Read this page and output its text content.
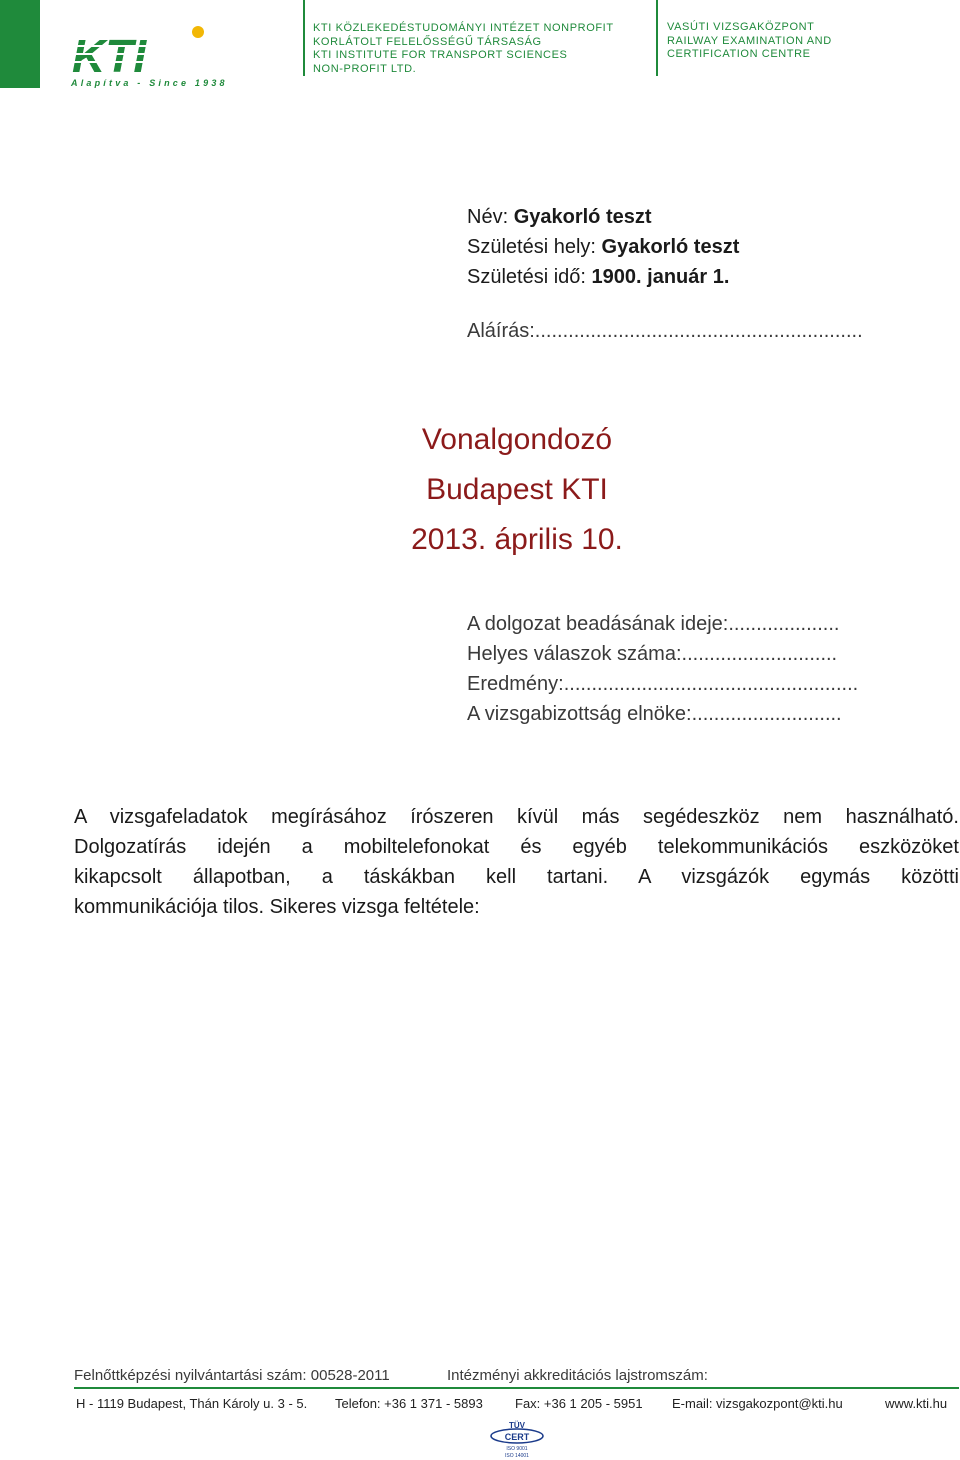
KTI
Alapítva - Since 1938
KTI KÖZLEKEDÉSTUDOMÁNYI INTÉZET NONPROFIT
KORLÁTOLT FELELŐSSÉGŰ TÁRSASÁG
KTI INSTITUTE FOR TRANSPORT SCIENCES
NON-PROFIT LTD.
VASÚTI VIZSGAKÖZPONT
RAILWAY EXAMINATION AND
CERTIFICATION CENTRE
Név: Gyakorló teszt
Születési hely: Gyakorló teszt
Születési idő: 1900. január 1.
Aláírás:...........................................................
Vonalgondozó
Budapest KTI
2013. április 10.
A dolgozat beadásának ideje:....................
Helyes válaszok száma:............................
Eredmény:.....................................................
A vizsgabizottság elnöke:...........................
A vizsgafeladatok megírásához írószeren kívül más segédeszköz nem használható.
Dolgozatírás idején a mobiltelefonokat és egyéb telekommunikációs eszközöket
kikapcsolt állapotban, a táskákban kell tartani. A vizsgázók egymás közötti
kommunikációja tilos. Sikeres vizsga feltétele:
Felnőttképzési nyilvántartási szám: 00528-2011	Intézményi akkreditációs lajstromszám:
H - 1119 Budapest, Thán Károly u. 3 - 5. Telefon: +36 1 371 - 5893 Fax: +36 1 205 - 5951 E-mail: vizsgakozpont@kti.hu	www.kti.hu
TÜV
CERT
ISO 9001
ISO 14001
